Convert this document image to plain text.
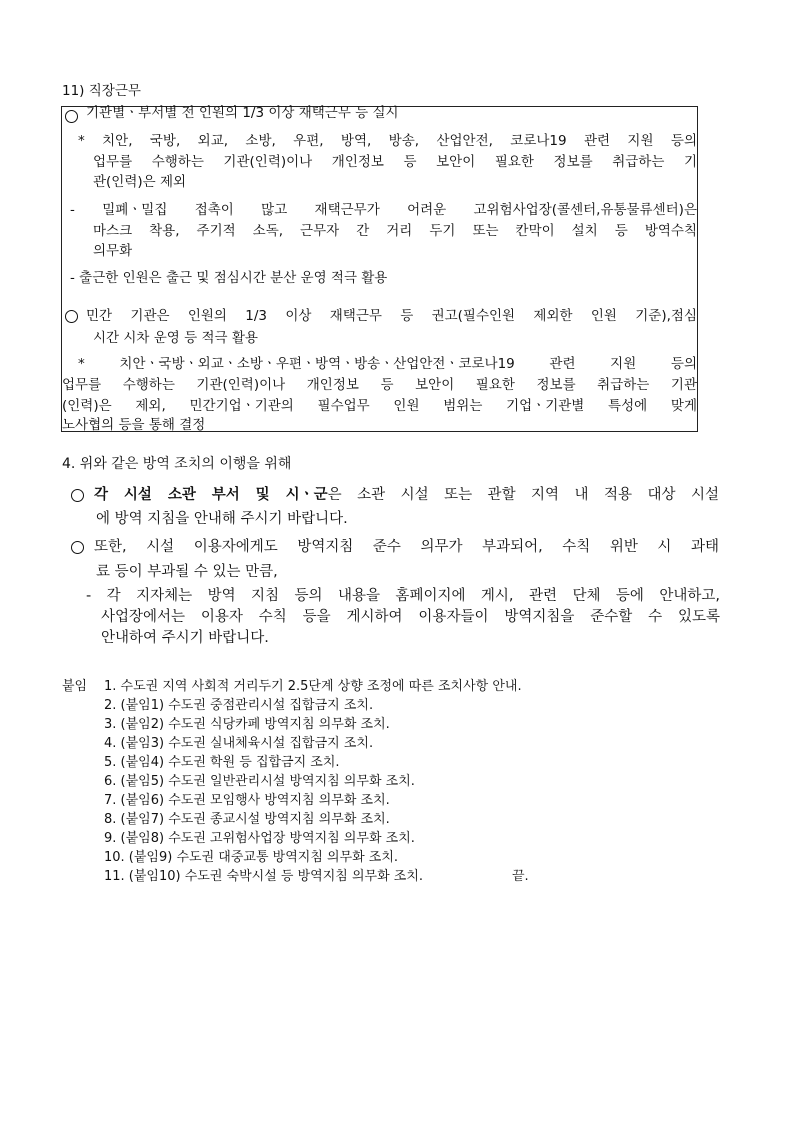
11) 직장근무
기관별ㆍ부서별 전 인원의 1/3 이상 재택근무 등 실시
* 치안, 국방, 외교, 소방, 우편, 방역, 방송, 산업안전, 코로나19 관련 지원 등의
업무를 수행하는 기관(인력)이나 개인정보 등 보안이 필요한 정보를 취급하는 기
관(인력)은 제외
- 밀폐ㆍ밀집 접촉이 많고 재택근무가 어려운 고위험사업장(콜센터,유통물류센터)은
마스크 착용, 주기적 소독, 근무자 간 거리 두기 또는 칸막이 설치 등 방역수칙
의무화
- 출근한 인원은 출근 및 점심시간 분산 운영 적극 활용
민간 기관은 인원의 1/3 이상 재택근무 등 권고(필수인원 제외한 인원 기준),점심
시간 시차 운영 등 적극 활용
* 치안ㆍ국방ㆍ외교ㆍ소방ㆍ우편ㆍ방역ㆍ방송ㆍ산업안전ㆍ코로나19 관련 지원 등의
업무를 수행하는 기관(인력)이나 개인정보 등 보안이 필요한 정보를 취급하는 기관
(인력)은 제외, 민간기업ㆍ기관의 필수업무 인원 범위는 기업ㆍ기관별 특성에 맞게
노사협의 등을 통해 결정
4. 위와 같은 방역 조치의 이행을 위해
각 시설 소관 부서 및 시ㆍ군은 소관 시설 또는 관할 지역 내 적용 대상 시설
에 방역 지침을 안내해 주시기 바랍니다.
또한, 시설 이용자에게도 방역지침 준수 의무가 부과되어, 수칙 위반 시 과태
료 등이 부과될 수 있는 만큼,
- 각 지자체는 방역 지침 등의 내용을 홈페이지에 게시, 관련 단체 등에 안내하고,
사업장에서는 이용자 수칙 등을 게시하여 이용자들이 방역지침을 준수할 수 있도록
안내하여 주시기 바랍니다.
붙임 1. 수도권 지역 사회적 거리두기 2.5단계 상향 조정에 따른 조치사항 안내.
2. (붙임1) 수도권 중점관리시설 집합금지 조치.
3. (붙임2) 수도권 식당카페 방역지침 의무화 조치.
4. (붙임3) 수도권 실내체육시설 집합금지 조치.
5. (붙임4) 수도권 학원 등 집합금지 조치.
6. (붙임5) 수도권 일반관리시설 방역지침 의무화 조치.
7. (붙임6) 수도권 모임행사 방역지침 의무화 조치.
8. (붙임7) 수도권 종교시설 방역지침 의무화 조치.
9. (붙임8) 수도권 고위험사업장 방역지침 의무화 조치.
10. (붙임9) 수도권 대중교통 방역지침 의무화 조치.
11. (붙임10) 수도권 숙박시설 등 방역지침 의무화 조치.	끝.
